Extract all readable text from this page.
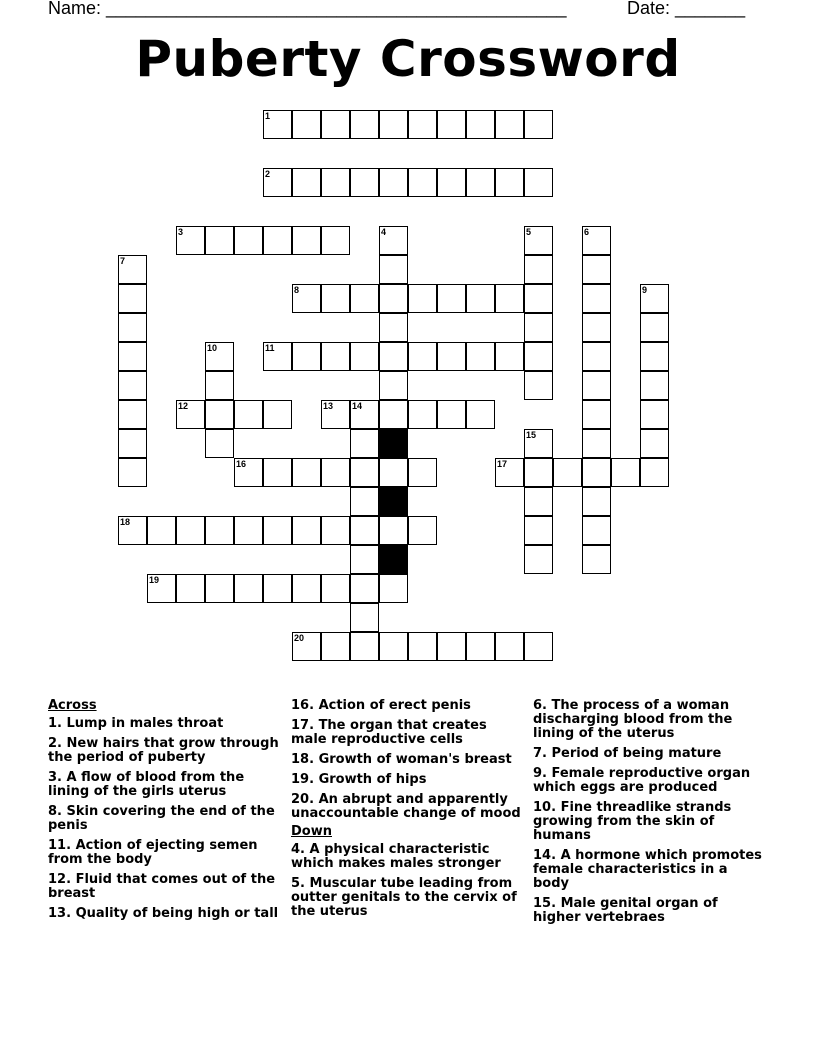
Name: ______________________________________________	Date: _______
Puberty Crossword
1
2
3	4	5	6
7
8	9
10	11
12	13 14
15
16	17
18
19
20
Across
1. Lump in males throat
2. New hairs that grow through the period of puberty
3. A flow of blood from the lining of the girls uterus
8. Skin covering the end of the penis
11. Action of ejecting semen from the body
12. Fluid that comes out of the breast
13. Quality of being high or tall
16. Action of erect penis
17. The organ that creates male reproductive cells
18. Growth of woman's breast
19. Growth of hips
20. An abrupt and apparently unaccountable change of mood
Down
4. A physical characteristic which makes males stronger
5. Muscular tube leading from outter genitals to the cervix of the uterus
6. The process of a woman discharging blood from the lining of the uterus
7. Period of being mature
9. Female reproductive organ which eggs are produced
10. Fine threadlike strands growing from the skin of humans
14. A hormone which promotes female characteristics in a body
15. Male genital organ of higher vertebraes
